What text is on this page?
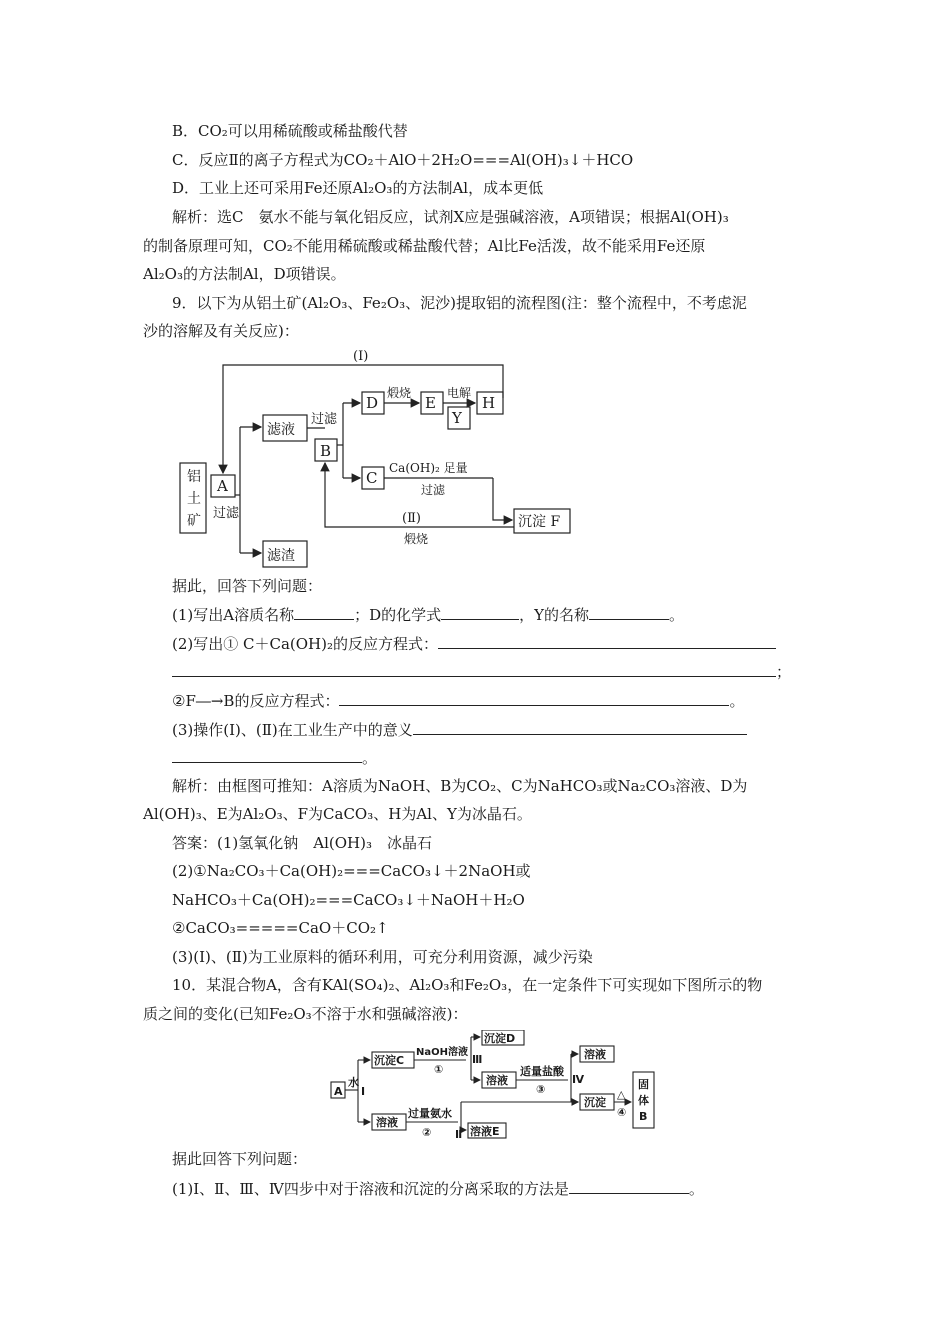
B．CO₂可以用稀硫酸或稀盐酸代替
C．反应Ⅱ的离子方程式为CO₂＋AlO＋2H₂O===Al(OH)₃↓＋HCO
D．工业上还可采用Fe还原Al₂O₃的方法制Al，成本更低
解析：选C　氨水不能与氧化铝反应，试剂X应是强碱溶液，A项错误；根据Al(OH)₃
的制备原理可知，CO₂不能用稀硫酸或稀盐酸代替；Al比Fe活泼，故不能采用Fe还原
Al₂O₃的方法制Al，D项错误。
9．以下为从铝土矿(Al₂O₃、Fe₂O₃、泥沙)提取铝的流程图(注：整个流程中，不考虑泥
沙的溶解及有关反应)：
铝
土
矿
A
过滤
滤液
滤渣
过滤
B
D
煅烧
E
电解
Y
H
C
Ca(OH)₂ 足量
过滤
沉淀 F
(Ⅰ)
(Ⅱ)
煅烧
据此，回答下列问题：
(1)写出A溶质名称	；D的化学式	，Y的名称	。
(2)写出① C＋Ca(OH)₂的反应方程式：
；
②F―→B的反应方程式：	。
(3)操作(Ⅰ)、(Ⅱ)在工业生产中的意义
。
解析：由框图可推知：A溶质为NaOH、B为CO₂、C为NaHCO₃或Na₂CO₃溶液、D为
Al(OH)₃、E为Al₂O₃、F为CaCO₃、H为Al、Y为冰晶石。
答案：(1)氢氧化钠　Al(OH)₃　冰晶石
(2)①Na₂CO₃＋Ca(OH)₂===CaCO₃↓＋2NaOH或
NaHCO₃＋Ca(OH)₂===CaCO₃↓＋NaOH＋H₂O
②CaCO₃=====CaO＋CO₂↑
(3)(Ⅰ)、(Ⅱ)为工业原料的循环利用，可充分利用资源，减少污染
10．某混合物A，含有KAl(SO₄)₂、Al₂O₃和Fe₂O₃，在一定条件下可实现如下图所示的物
质之间的变化(已知Fe₂O₃不溶于水和强碱溶液)：
A
水
Ⅰ
沉淀C
NaOH溶液
①
Ⅲ
沉淀D
溶液
适量盐酸
③
Ⅳ
溶液
沉淀
△
④
固
体
B
溶液
过量氨水
② Ⅱ 溶液E
据此回答下列问题：
(1)Ⅰ、Ⅱ、Ⅲ、Ⅳ四步中对于溶液和沉淀的分离采取的方法是	。
